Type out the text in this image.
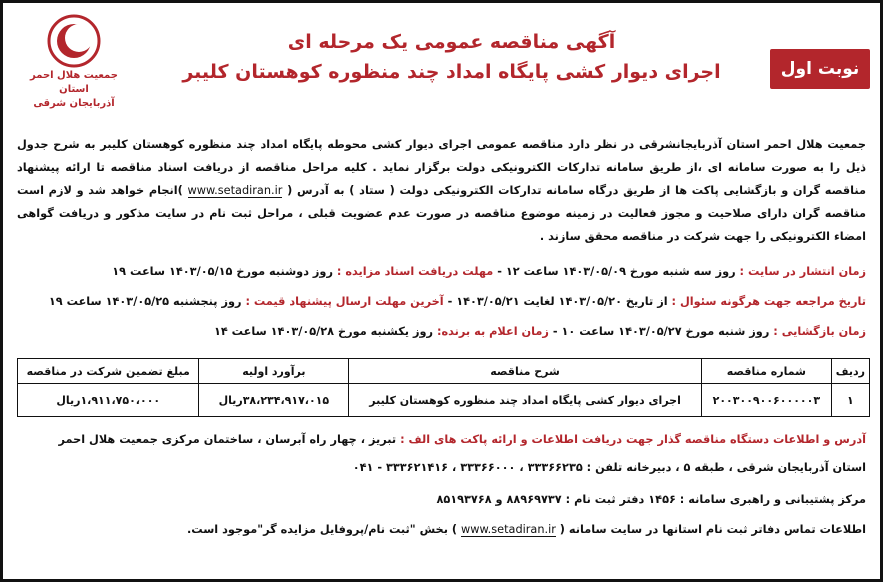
نوبت اول
آگهی مناقصه عمومی یک مرحله ای
اجرای دیوار کشی پایگاه امداد چند منظوره کوهستان کلیبر
جمعیت هلال احمر استان
آذربایجان شرقی

جمعیت هلال احمر استان آذربایجانشرقی در نظر دارد مناقصه عمومی اجرای دیوار کشی محوطه پایگاه امداد چند منظوره کوهستان کلیبر به شرح جدول ذیل را به صورت سامانه ای ،از طریق سامانه تدارکات الکترونیکی دولت برگزار نماید . کلیه مراحل مناقصه از دریافت اسناد مناقصه تا ارائه پیشنهاد مناقصه گران و بازگشایی پاکت ها از طریق درگاه سامانه تدارکات الکترونیکی دولت ( ستاد ) به آدرس ( www.setadiran.ir )انجام خواهد شد و لازم است مناقصه گران دارای صلاحیت و مجوز فعالیت در زمینه موضوع مناقصه در صورت عدم عضویت قبلی ، مراحل ثبت نام در سایت مذکور و دریافت گواهی امضاء الکترونیکی را جهت شرکت در مناقصه محقق سازند .

زمان انتشار در سایت : روز سه شنبه مورخ ۱۴۰۳/۰۵/۰۹ ساعت ۱۲ - مهلت دریافت اسناد مزایده : روز دوشنبه مورخ ۱۴۰۳/۰۵/۱۵ ساعت ۱۹
تاریخ مراجعه جهت هرگونه سئوال : از تاریخ ۱۴۰۳/۰۵/۲۰ لغایت ۱۴۰۳/۰۵/۲۱ - آخرین مهلت ارسال پیشنهاد قیمت : روز پنجشنبه ۱۴۰۳/۰۵/۲۵ ساعت ۱۹
زمان بازگشایی : روز شنبه مورخ ۱۴۰۳/۰۵/۲۷ ساعت ۱۰ - زمان اعلام به برنده: روز یکشنبه مورخ ۱۴۰۳/۰۵/۲۸ ساعت ۱۴
ردیف	شماره مناقصه	شرح مناقصه	برآورد اولیه	مبلغ تضمین شرکت در مناقصه
۱	۲۰۰۳۰۰۹۰۰۶۰۰۰۰۰۳	اجرای دیوار کشی پایگاه امداد چند منظوره کوهستان کلیبر	۳۸،۲۳۴،۹۱۷،۰۱۵ریال	۱،۹۱۱،۷۵۰،۰۰۰ریال
آدرس و اطلاعات دستگاه مناقصه گذار جهت دریافت اطلاعات و ارائه پاکت های الف : تبریز ، چهار راه آبرسان ، ساختمان مرکزی جمعیت هلال احمر
استان آذربایجان شرقی ، طبقه ۵ ، دبیرخانه تلفن : ۳۳۳۶۶۲۳۵ ، ۳۳۳۶۶۰۰۰ ، ۳۳۳۶۲۱۴۱۶ - ۰۴۱
مرکز پشتیبانی و راهبری سامانه : ۱۴۵۶ دفتر ثبت نام : ۸۸۹۶۹۷۳۷ و ۸۵۱۹۳۷۶۸
اطلاعات تماس دفاتر ثبت نام استانها در سایت سامانه ( www.setadiran.ir ) بخش "ثبت نام/پروفایل مزایده گر"موجود است.
